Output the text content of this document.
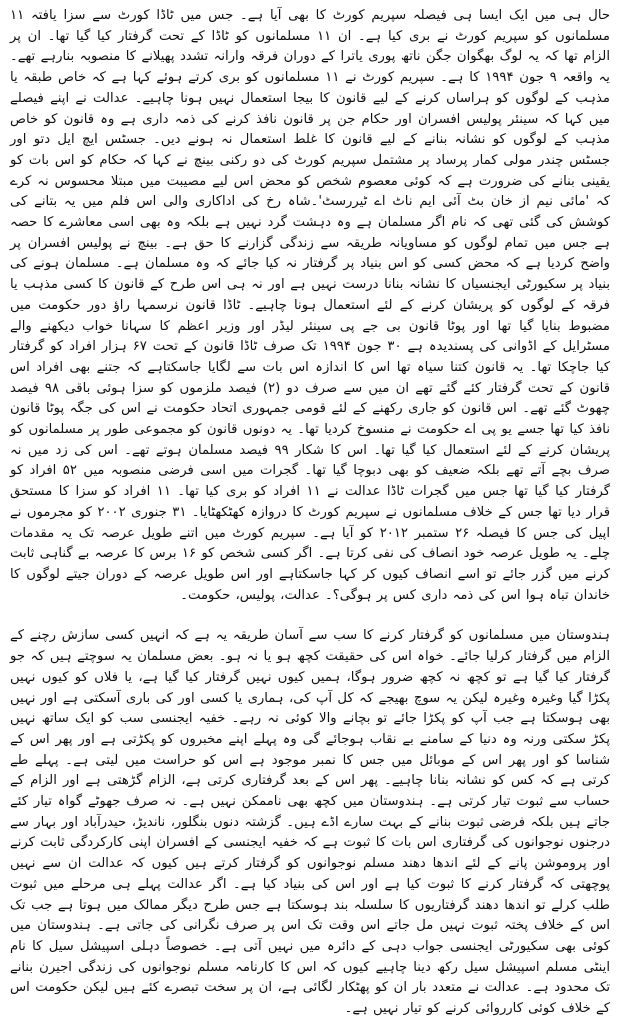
حال ہی میں ایک ایسا ہی فیصلہ سپریم کورٹ کا بھی آیا ہے۔ جس میں ٹاڈا کورٹ سے سزا یافتہ ۱۱ مسلمانوں کو سپریم کورٹ نے بری کیا ہے۔ ان ۱۱ مسلمانوں کو ٹاڈا کے تحت گرفتار کیا گیا تھا۔ ان پر الزام تھا کہ یہ لوگ بھگوان جگن ناتھ پوری یاترا کے دوران فرقہ وارانہ تشدد پھیلانے کا منصوبہ بنارہے تھے۔ یہ واقعہ ۹ جون ۱۹۹۴ کا ہے۔ سپریم کورٹ نے ۱۱ مسلمانوں کو بری کرتے ہوئے کہا ہے کہ خاص طبقہ یا مذہب کے لوگوں کو ہراساں کرنے کے لیے قانون کا بیجا استعمال نہیں ہونا چاہیے۔ عدالت نے اپنے فیصلے میں کہا کہ سینئر پولیس افسران اور حکام جن پر قانون نافذ کرنے کی ذمہ داری ہے وہ قانون کو خاص مذہب کے لوگوں کو نشانہ بنانے کے لیے قانون کا غلط استعمال نہ ہونے دیں۔ جسٹس ایچ ایل دتو اور جسٹس چندر مولی کمار پرساد پر مشتمل سپریم کورٹ کی دو رکنی بینچ نے کہا کہ حکام کو اس بات کو یقینی بنانے کی ضرورت ہے کہ کوئی معصوم شخص کو محض اس لیے مصیبت میں مبتلا محسوس نہ کرے کہ 'مائی نیم از خان بٹ آئی ایم ناٹ اے ٹیررسٹ'۔شاہ رخ کی اداکاری والی اس فلم میں یہ بتانے کی کوشش کی گئی تھی کہ نام اگر مسلمان ہے وہ دہشت گرد نہیں ہے بلکہ وہ بھی اسی معاشرے کا حصہ ہے جس میں تمام لوگوں کو مساویانہ طریقہ سے زندگی گزارنے کا حق ہے۔ بینچ نے پولیس افسران پر واضح کردیا ہے کہ محض کسی کو اس بنیاد پر گرفتار نہ کیا جائے کہ وہ مسلمان ہے۔ مسلمان ہونے کی بنیاد پر سکیورٹی ایجنسیاں کا نشانہ بنانا درست نہیں ہے اور نہ ہی اس طرح کے قانون کا کسی مذہب یا فرقہ کے لوگوں کو پریشان کرنے کے لئے استعمال ہونا چاہیے۔ ٹاڈا قانون نرسمہا راؤ دور حکومت میں مضبوط بنایا گیا تھا اور پوٹا قانون بی جے پی سینئر لیڈر اور وزیر اعظم کا سہانا خواب دیکھنے والے مسٹرایل کے اڈوانی کی پسندیدہ ہے ۳۰ جون ۱۹۹۴ تک صرف ٹاڈا قانون کے تحت ۶۷ ہزار افراد کو گرفتار کیا جاچکا تھا۔ یہ قانون کتنا سیاہ تھا اس کا اندازہ اس بات سے لگایا جاسکتاہے کہ جتنے بھی افراد اس قانون کے تحت گرفتار کئے گئے تھے ان میں سے صرف دو (۲) فیصد ملزموں کو سزا ہوئی باقی ۹۸ فیصد چھوٹ گئے تھے۔ اس قانون کو جاری رکھنے کے لئے قومی جمہوری اتحاد حکومت نے اس کی جگہ پوٹا قانون نافذ کیا تھا جسے یو پی اے حکومت نے منسوخ کردیا تھا۔ یہ دونوں قانون کو مجموعی طور پر مسلمانوں کو پریشان کرنے کے لئے استعمال کیا گیا تھا۔ اس کا شکار ۹۹ فیصد مسلمان ہوتے تھے۔ اس کی زد میں نہ صرف بچے آتے تھے بلکہ ضعیف کو بھی دبوچا گیا تھا۔ گجرات میں اسی فرضی منصوبہ میں ۵۲ افراد کو گرفتار کیا گیا تھا جس میں گجرات ٹاڈا عدالت نے ۱۱ افراد کو بری کیا تھا۔ ۱۱ افراد کو سزا کا مستحق قرار دیا تھا جس کے خلاف مسلمانوں نے سپریم کورٹ کا دروازہ کھٹکھٹایا۔ ۳۱ جنوری ۲۰۰۲ کو مجرموں نے اپیل کی جس کا فیصلہ ۲۶ ستمبر ۲۰۱۲ کو آیا ہے۔ سپریم کورٹ میں اتنے طویل عرصہ تک یہ مقدمات چلے۔ یہ طویل عرصہ خود انصاف کی نفی کرتا ہے۔ اگر کسی شخص کو ۱۶ برس کا عرصہ بے گناہی ثابت کرنے میں گزر جائے تو اسے انصاف کیوں کر کہا جاسکتاہے اور اس طویل عرصہ کے دوران جیتے لوگوں کا خاندان تباہ ہوا اس کی ذمہ داری کس پر ہوگی؟۔ عدالت، پولیس، حکومت۔

ہندوستان میں مسلمانوں کو گرفتار کرنے کا سب سے آسان طریقہ یہ ہے کہ انہیں کسی سازش رچنے کے الزام میں گرفتار کرلیا جائے۔ خواہ اس کی حقیقت کچھ ہو یا نہ ہو۔ بعض مسلمان یہ سوچتے ہیں کہ جو گرفتار کیا گیا ہے تو کچھ نہ کچھ ضرور ہوگا، ہمیں کیوں نہیں گرفتار کیا گیا ہے، یا فلاں کو کیوں نہیں پکڑا گیا وغیرہ وغیرہ لیکن یہ سوچ بھیجے کہ کل آپ کی، ہماری یا کسی اور کی باری آسکتی ہے اور نہیں بھی ہوسکتا ہے جب آپ کو پکڑا جائے تو بچانے والا کوئی نہ رہے۔ خفیہ ایجنسی سب کو ایک ساتھ نہیں پکڑ سکتی ورنہ وہ دنیا کے سامنے بے نقاب ہوجائے گی وہ پہلے اپنے مخبروں کو پکڑتی ہے اور پھر اس کے شناسا کو اور پھر اس کے موبائل میں جس کا نمبر موجود ہے اس کو حراست میں لیتی ہے۔ پہلے طے کرتی ہے کہ کس کو نشانہ بنانا چاہیے۔ پھر اس کے بعد گرفتاری کرتی ہے، الزام گڑھتی ہے اور الزام کے حساب سے ثبوت تیار کرتی ہے۔ ہندوستان میں کچھ بھی ناممکن نہیں ہے۔ نہ صرف جھوٹے گواہ تیار کئے جاتے ہیں بلکہ فرضی ثبوت بنانے کے بہت سارے اڈے ہیں۔ گزشتہ دنوں بنگلور، ناندیڑ، حیدرآباد اور بہار سے درجنوں نوجوانوں کی گرفتاری اس بات کا ثبوت ہے کہ خفیہ ایجنسی کے افسران اپنی کارکردگی ثابت کرنے اور پروموشن پانے کے لئے اندھا دھند مسلم نوجوانوں کو گرفتار کرتے ہیں کیوں کہ عدالت ان سے نہیں پوچھتی کہ گرفتار کرنے کا ثبوت کیا ہے اور اس کی بنیاد کیا ہے۔ اگر عدالت پہلے ہی مرحلے میں ثبوت طلب کرلے تو اندھا دھند گرفتاریوں کا سلسلہ بند ہوسکتا ہے جس طرح دیگر ممالک میں ہوتا ہے جب تک اس کے خلاف پختہ ثبوت نہیں مل جاتے اس وقت تک اس پر صرف نگرانی کی جاتی ہے۔ ہندوستان میں کوئی بھی سکیورٹی ایجنسی جواب دہی کے دائرہ میں نہیں آتی ہے۔ خصوصاً دہلی اسپیشل سیل کا نام اینٹی مسلم اسپیشل سیل رکھ دینا چاہیے کیوں کہ اس کا کارنامہ مسلم نوجوانوں کی زندگی اجیرن بنانے تک محدود ہے۔ عدالت نے متعدد بار ان کو پھٹکار لگائی ہے، ان پر سخت تبصرے کئے ہیں لیکن حکومت اس کے خلاف کوئی کارروائی کرنے کو تیار نہیں ہے۔
